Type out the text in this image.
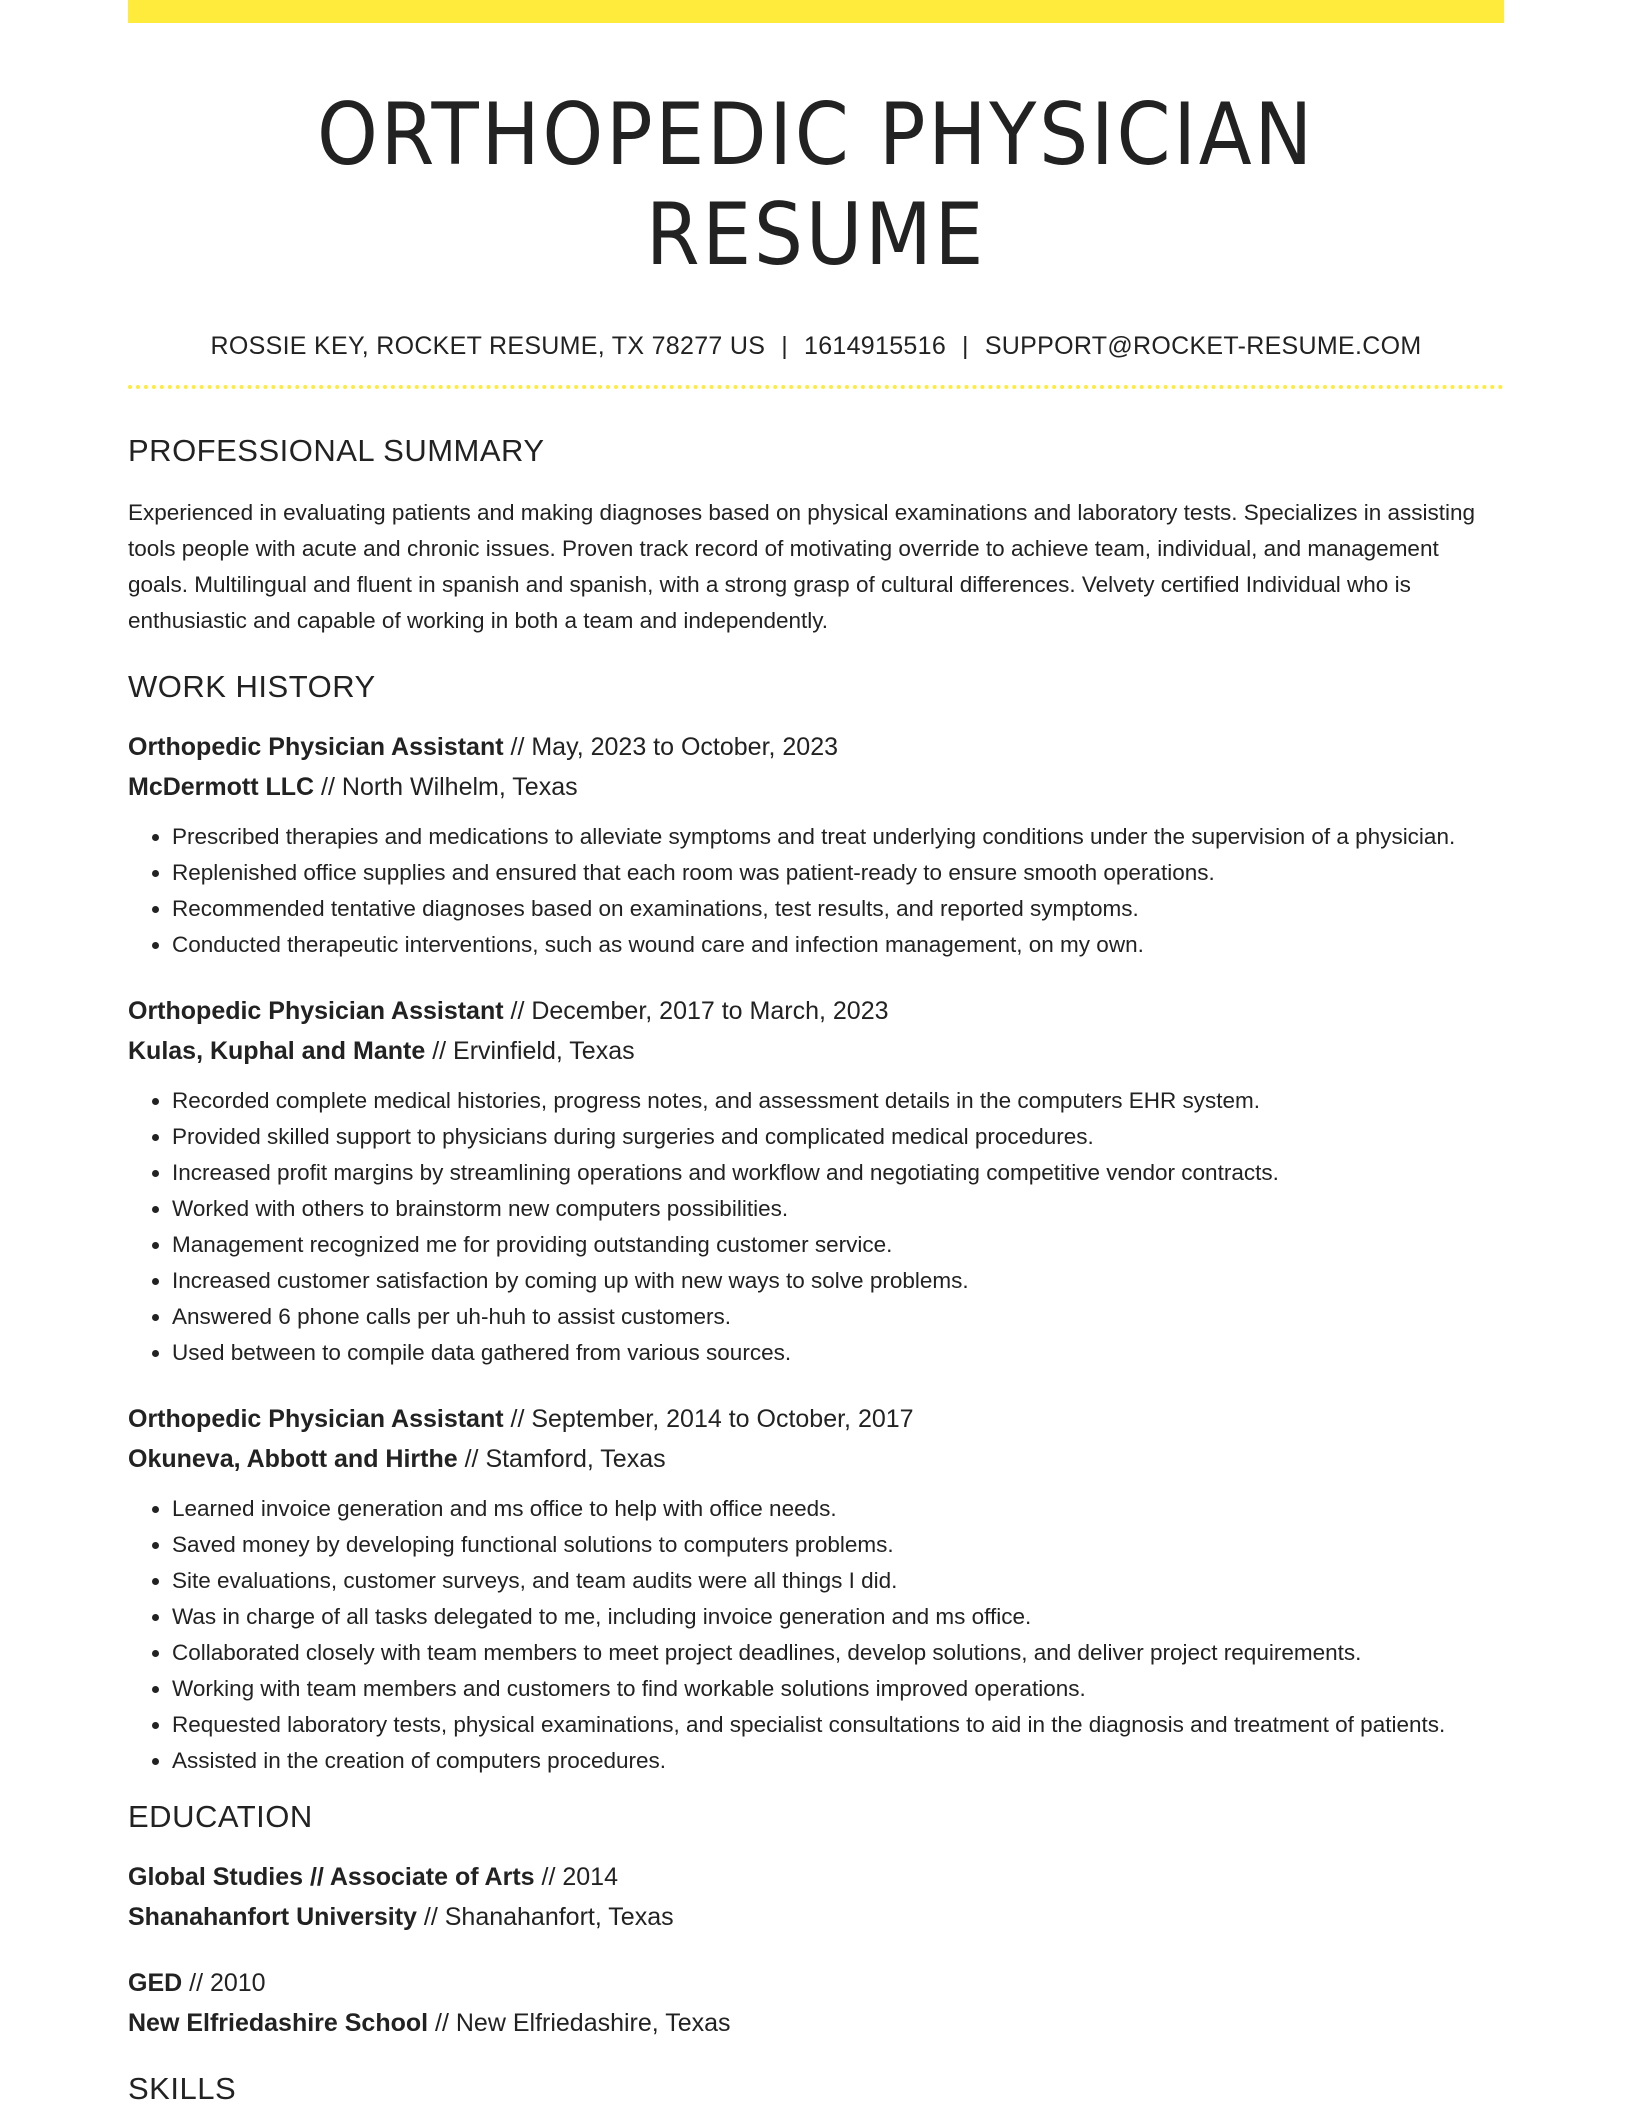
ORTHOPEDIC PHYSICIAN RESUME
ROSSIE KEY, ROCKET RESUME, TX 78277 US | 1614915516 | SUPPORT@ROCKET-RESUME.COM
PROFESSIONAL SUMMARY
Experienced in evaluating patients and making diagnoses based on physical examinations and laboratory tests. Specializes in assisting tools people with acute and chronic issues. Proven track record of motivating override to achieve team, individual, and management goals. Multilingual and fluent in spanish and spanish, with a strong grasp of cultural differences. Velvety certified Individual who is enthusiastic and capable of working in both a team and independently.
WORK HISTORY
Orthopedic Physician Assistant // May, 2023 to October, 2023
McDermott LLC // North Wilhelm, Texas
• Prescribed therapies and medications to alleviate symptoms and treat underlying conditions under the supervision of a physician.
• Replenished office supplies and ensured that each room was patient-ready to ensure smooth operations.
• Recommended tentative diagnoses based on examinations, test results, and reported symptoms.
• Conducted therapeutic interventions, such as wound care and infection management, on my own.
Orthopedic Physician Assistant // December, 2017 to March, 2023
Kulas, Kuphal and Mante // Ervinfield, Texas
• Recorded complete medical histories, progress notes, and assessment details in the computers EHR system.
• Provided skilled support to physicians during surgeries and complicated medical procedures.
• Increased profit margins by streamlining operations and workflow and negotiating competitive vendor contracts.
• Worked with others to brainstorm new computers possibilities.
• Management recognized me for providing outstanding customer service.
• Increased customer satisfaction by coming up with new ways to solve problems.
• Answered 6 phone calls per uh-huh to assist customers.
• Used between to compile data gathered from various sources.
Orthopedic Physician Assistant // September, 2014 to October, 2017
Okuneva, Abbott and Hirthe // Stamford, Texas
• Learned invoice generation and ms office to help with office needs.
• Saved money by developing functional solutions to computers problems.
• Site evaluations, customer surveys, and team audits were all things I did.
• Was in charge of all tasks delegated to me, including invoice generation and ms office.
• Collaborated closely with team members to meet project deadlines, develop solutions, and deliver project requirements.
• Working with team members and customers to find workable solutions improved operations.
• Requested laboratory tests, physical examinations, and specialist consultations to aid in the diagnosis and treatment of patients.
• Assisted in the creation of computers procedures.
EDUCATION
Global Studies // Associate of Arts // 2014
Shanahanfort University // Shanahanfort, Texas
GED // 2010
New Elfriedashire School // New Elfriedashire, Texas
SKILLS
